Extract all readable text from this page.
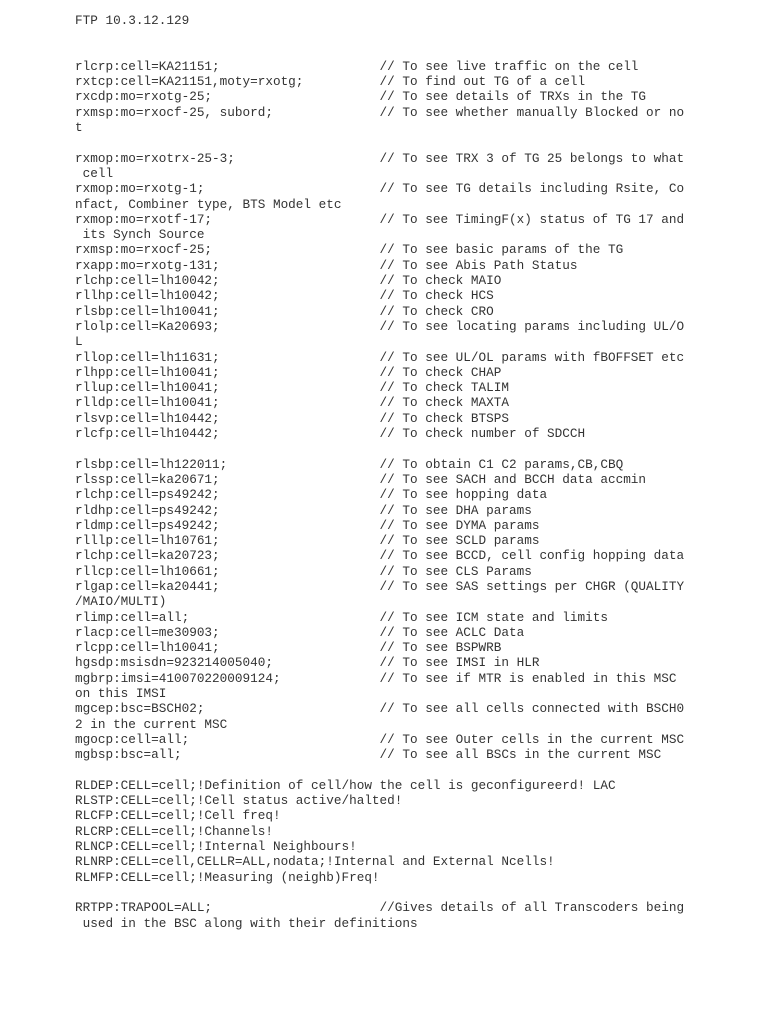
FTP 10.3.12.129
rlcrp:cell=KA21151;                     // To see live traffic on the cell
rxtcp:cell=KA21151,moty=rxotg;          // To find out TG of a cell
rxcdp:mo=rxotg-25;                      // To see details of TRXs in the TG
rxmsp:mo=rxocf-25, subord;              // To see whether manually Blocked or no
t
rxmop:mo=rxotrx-25-3;                   // To see TRX 3 of TG 25 belongs to what
cell
rxmop:mo=rxotg-1;                       // To see TG details including Rsite, Co
nfact, Combiner type, BTS Model etc
rxmop:mo=rxotf-17;                      // To see TimingF(x) status of TG 17 and
its Synch Source
rxmsp:mo=rxocf-25;                      // To see basic params of the TG
rxapp:mo=rxotg-131;                     // To see Abis Path Status
rlchp:cell=lh10042;                     // To check MAIO
rllhp:cell=lh10042;                     // To check HCS
rlsbp:cell=lh10041;                     // To check CRO
rlolp:cell=Ka20693;                     // To see locating params including UL/O
L
rllop:cell=lh11631;                     // To see UL/OL params with fBOFFSET etc
rlhpp:cell=lh10041;                     // To check CHAP
rllup:cell=lh10041;                     // To check TALIM
rlldp:cell=lh10041;                     // To check MAXTA
rlsvp:cell=lh10442;                     // To check BTSPS
rlcfp:cell=lh10442;                     // To check number of SDCCH
rlsbp:cell=lh122011;                    // To obtain C1 C2 params,CB,CBQ
rlssp:cell=ka20671;                     // To see SACH and BCCH data accmin
rlchp:cell=ps49242;                     // To see hopping data
rldhp:cell=ps49242;                     // To see DHA params
rldmp:cell=ps49242;                     // To see DYMA params
rlllp:cell=lh10761;                     // To see SCLD params
rlchp:cell=ka20723;                     // To see BCCD, cell config hopping data
rllcp:cell=lh10661;                     // To see CLS Params
rlgap:cell=ka20441;                     // To see SAS settings per CHGR (QUALITY
/MAIO/MULTI)
rlimp:cell=all;                         // To see ICM state and limits
rlacp:cell=me30903;                     // To see ACLC Data
rlcpp:cell=lh10041;                     // To see BSPWRB
hgsdp:msisdn=923214005040;              // To see IMSI in HLR
mgbrp:imsi=410070220009124;             // To see if MTR is enabled in this MSC
on this IMSI
mgcep:bsc=BSCH02;                       // To see all cells connected with BSCH0
2 in the current MSC
mgocp:cell=all;                         // To see Outer cells in the current MSC
mgbsp:bsc=all;                          // To see all BSCs in the current MSC
RLDEP:CELL=cell;!Definition of cell/how the cell is geconfigureerd! LAC
RLSTP:CELL=cell;!Cell status active/halted!
RLCFP:CELL=cell;!Cell freq!
RLCRP:CELL=cell;!Channels!
RLNCP:CELL=cell;!Internal Neighbours!
RLNRP:CELL=cell,CELLR=ALL,nodata;!Internal and External Ncells!
RLMFP:CELL=cell;!Measuring (neighb)Freq!
RRTPP:TRAPOOL=ALL;                      //Gives details of all Transcoders being
used in the BSC along with their definitions
